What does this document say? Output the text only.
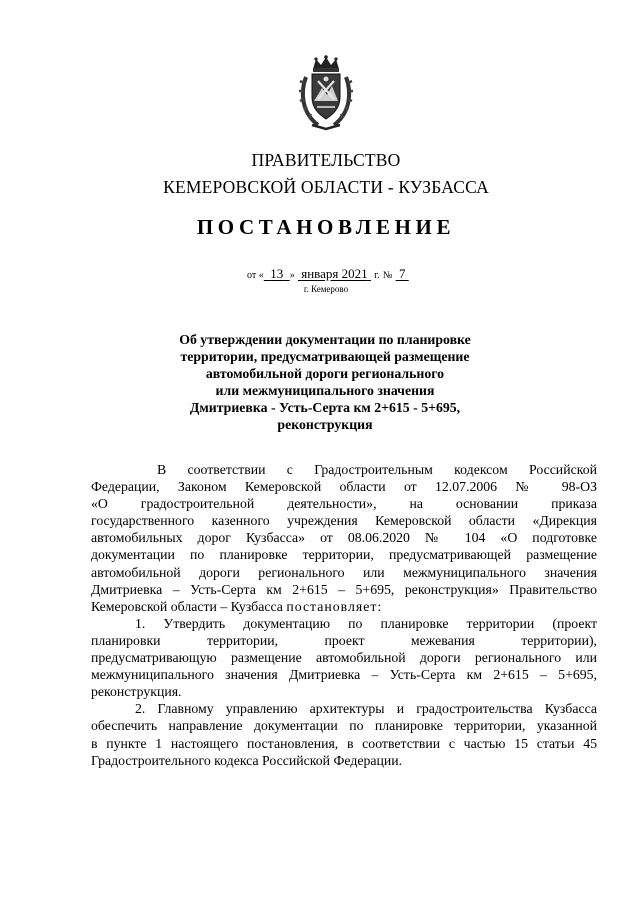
ПРАВИТЕЛЬСТВО
КЕМЕРОВСКОЙ ОБЛАСТИ - КУЗБАССА
ПОСТАНОВЛЕНИЕ
от « 13 » января 2021 г. № 7
г. Кемерово
Об утверждении документации по планировке
территории, предусматривающей размещение
автомобильной дороги регионального
или межмуниципального значения
Дмитриевка - Усть-Серта км 2+615 - 5+695,
реконструкция
В соответствии с Градостроительным кодексом Российской
Федерации, Законом Кемеровской области от 12.07.2006 № 98-ОЗ
«О градостроительной деятельности», на основании приказа
государственного казенного учреждения Кемеровской области «Дирекция
автомобильных дорог Кузбасса» от 08.06.2020 № 104 «О подготовке
документации по планировке территории, предусматривающей размещение
автомобильной дороги регионального или межмуниципального значения
Дмитриевка – Усть-Серта км 2+615 – 5+695, реконструкция» Правительство
Кемеровской области – Кузбасса постановляет:
1. Утвердить документацию по планировке территории (проект
планировки территории, проект межевания территории),
предусматривающую размещение автомобильной дороги регионального или
межмуниципального значения Дмитриевка – Усть-Серта км 2+615 – 5+695,
реконструкция.
2. Главному управлению архитектуры и градостроительства Кузбасса
обеспечить направление документации по планировке территории, указанной
в пункте 1 настоящего постановления, в соответствии с частью 15 статьи 45
Градостроительного кодекса Российской Федерации.
